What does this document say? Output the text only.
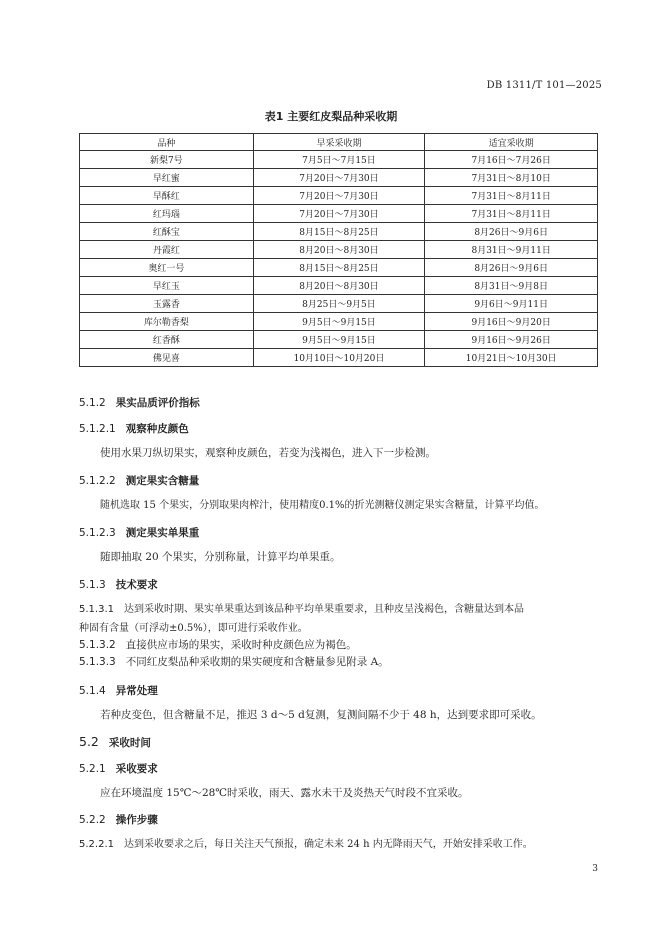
DB 1311/T 101—2025
表1 主要红皮梨品种采收期
品种	早采采收期	适宜采收期
新梨7号	7月5日～7月15日	7月16日～7月26日
早红蜜	7月20日～7月30日	7月31日～8月10日
早酥红	7月20日～7月30日	7月31日～8月11日
红玛瑙	7月20日～7月30日	7月31日～8月11日
红酥宝	8月15日～8月25日	8月26日～9月6日
丹霞红	8月20日～8月30日	8月31日～9月11日
奥红一号	8月15日～8月25日	8月26日～9月6日
早红玉	8月20日～8月30日	8月31日～9月8日
玉露香	8月25日～9月5日	9月6日～9月11日
库尔勒香梨	9月5日～9月15日	9月16日～9月20日
红香酥	9月5日～9月15日	9月16日～9月26日
佛见喜	10月10日～10月20日	10月21日～10月30日
5.1.2 果实品质评价指标
5.1.2.1 观察种皮颜色
使用水果刀纵切果实，观察种皮颜色，若变为浅褐色，进入下一步检测。
5.1.2.2 测定果实含糖量
随机选取 15 个果实，分别取果肉榨汁，使用精度0.1%的折光测糖仪测定果实含糖量，计算平均值。
5.1.2.3 测定果实单果重
随即抽取 20 个果实，分别称量，计算平均单果重。
5.1.3 技术要求
5.1.3.1 达到采收时期、果实单果重达到该品种平均单果重要求，且种皮呈浅褐色，含糖量达到本品
种固有含量（可浮动±0.5%），即可进行采收作业。
5.1.3.2 直接供应市场的果实，采收时种皮颜色应为褐色。
5.1.3.3 不同红皮梨品种采收期的果实硬度和含糖量参见附录 A。
5.1.4 异常处理
若种皮变色，但含糖量不足，推迟 3 d～5 d复测，复测间隔不少于 48 h，达到要求即可采收。
5.2 采收时间
5.2.1 采收要求
应在环境温度 15℃～28℃时采收，雨天、露水未干及炎热天气时段不宜采收。
5.2.2 操作步骤
5.2.2.1 达到采收要求之后，每日关注天气预报，确定未来 24 h 内无降雨天气，开始安排采收工作。
3
